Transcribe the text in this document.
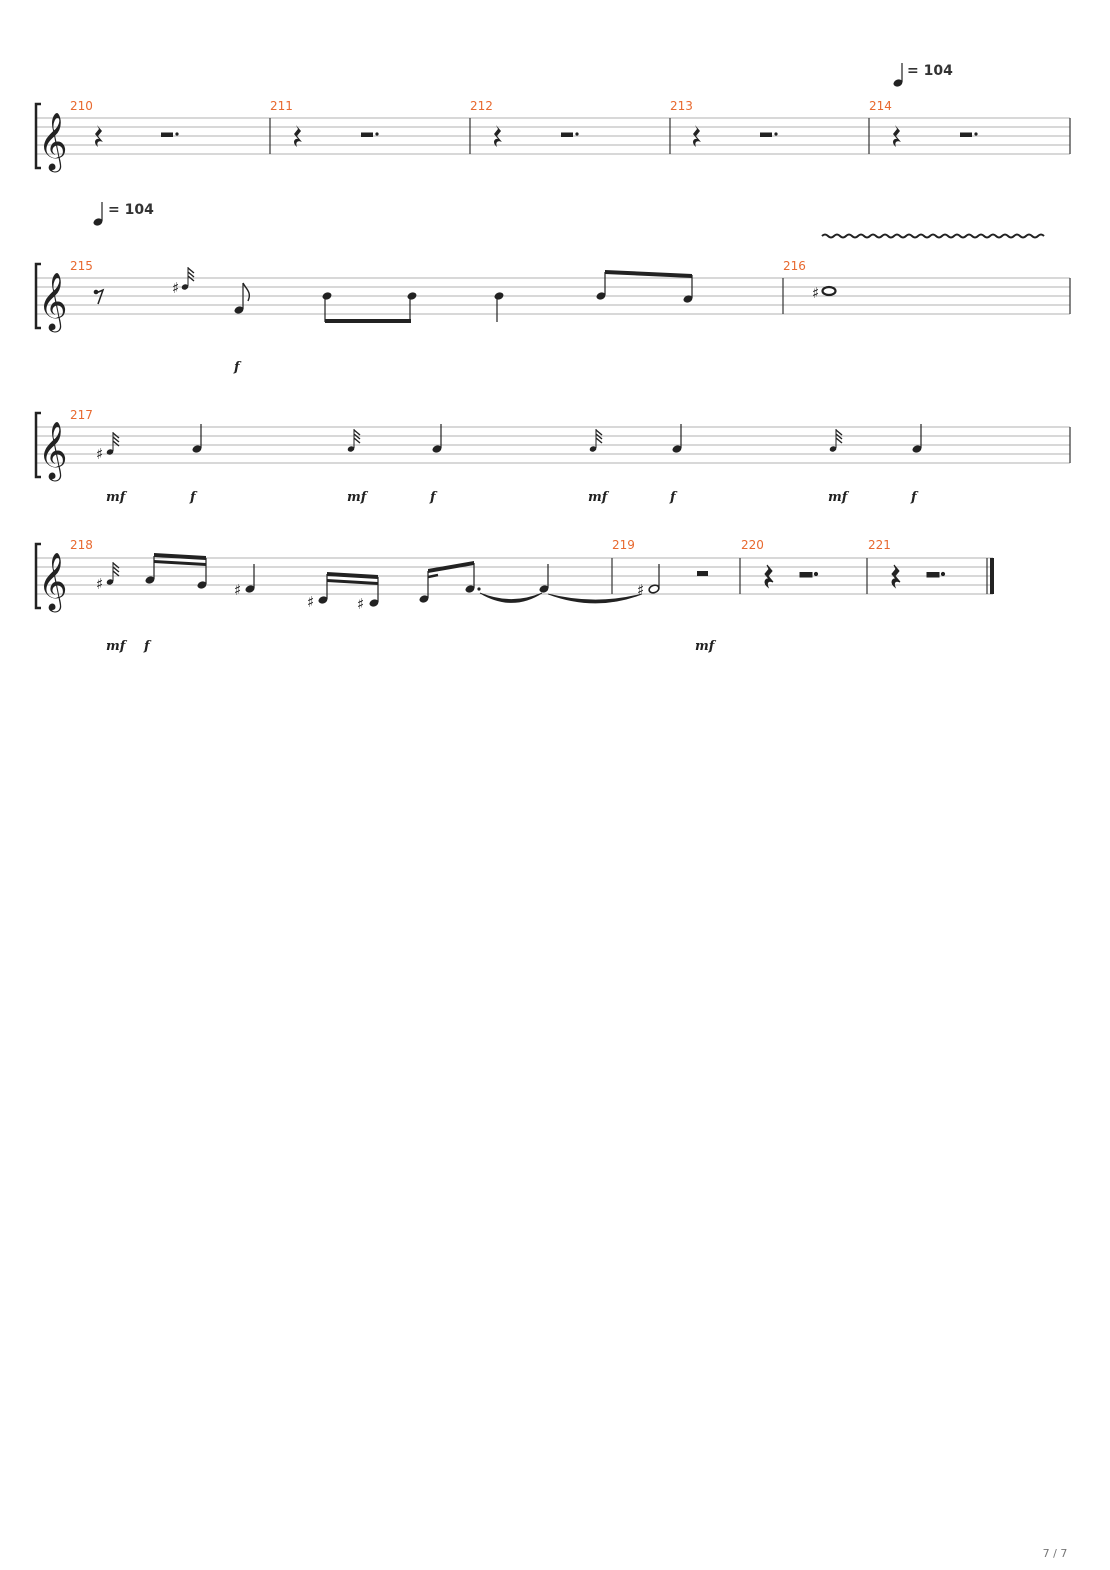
= 104
𝄞
210	211	212	213	214
= 104
𝄞
215	216
♯	♯
f
𝄞
217
♯
mf	f	mf	f	mf	f	mf	f
𝄞
218	219	220	221
♯	♯
♯	♯
♯
mf f	mf
7 / 7
